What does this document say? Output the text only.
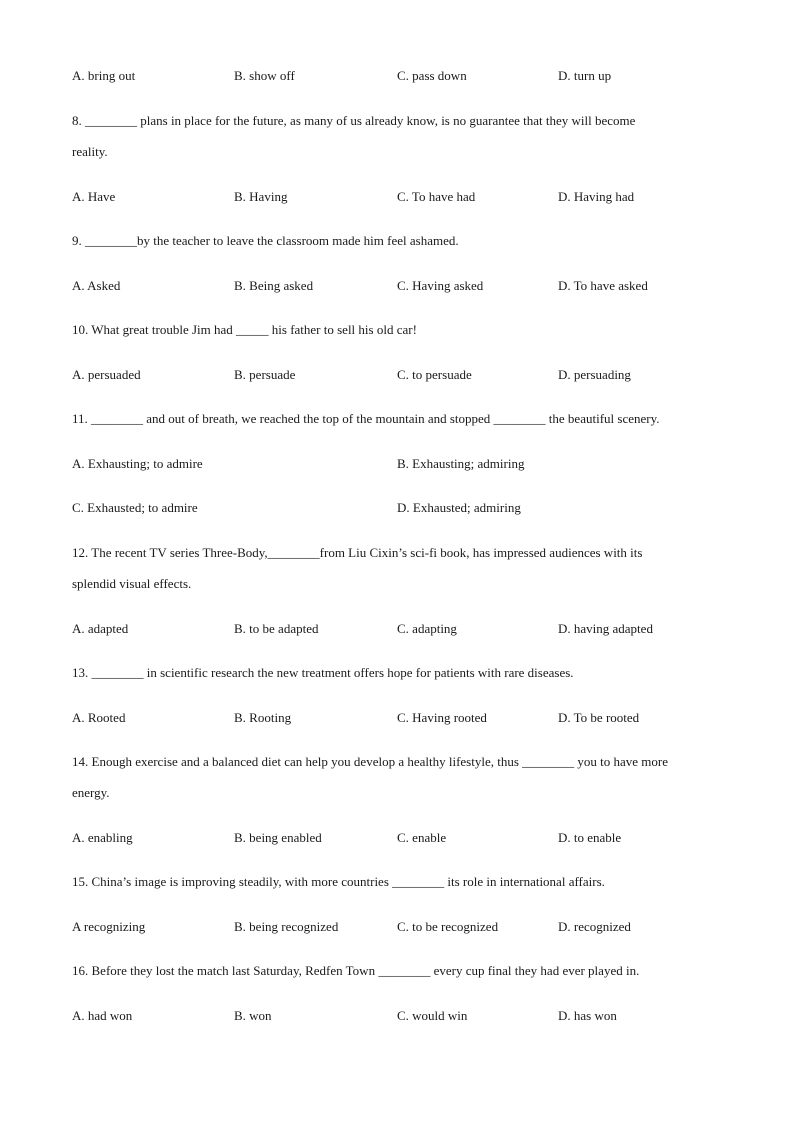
A. bring out	B. show off	C. pass down	D. turn up
8. ________ plans in place for the future, as many of us already know, is no guarantee that they will become
reality.
A. Have	B. Having	C. To have had	D. Having had
9. ________by the teacher to leave the classroom made him feel ashamed.
A. Asked	B. Being asked	C. Having asked	D. To have asked
10. What great trouble Jim had _____ his father to sell his old car!
A. persuaded	B. persuade	C. to persuade	D. persuading
11. ________ and out of breath, we reached the top of the mountain and stopped ________ the beautiful scenery.
A. Exhausting; to admire	B. Exhausting; admiring
C. Exhausted; to admire	D. Exhausted; admiring
12. The recent TV series Three-Body,________from Liu Cixin’s sci-fi book, has impressed audiences with its
splendid visual effects.
A. adapted	B. to be adapted	C. adapting	D. having adapted
13. ________ in scientific research the new treatment offers hope for patients with rare diseases.
A. Rooted	B. Rooting	C. Having rooted	D. To be rooted
14. Enough exercise and a balanced diet can help you develop a healthy lifestyle, thus ________ you to have more
energy.
A. enabling	B. being enabled	C. enable	D. to enable
15. China’s image is improving steadily, with more countries ________ its role in international affairs.
A recognizing	B. being recognized	C. to be recognized	D. recognized
16. Before they lost the match last Saturday, Redfen Town ________ every cup final they had ever played in.
A. had won	B. won	C. would win	D. has won
